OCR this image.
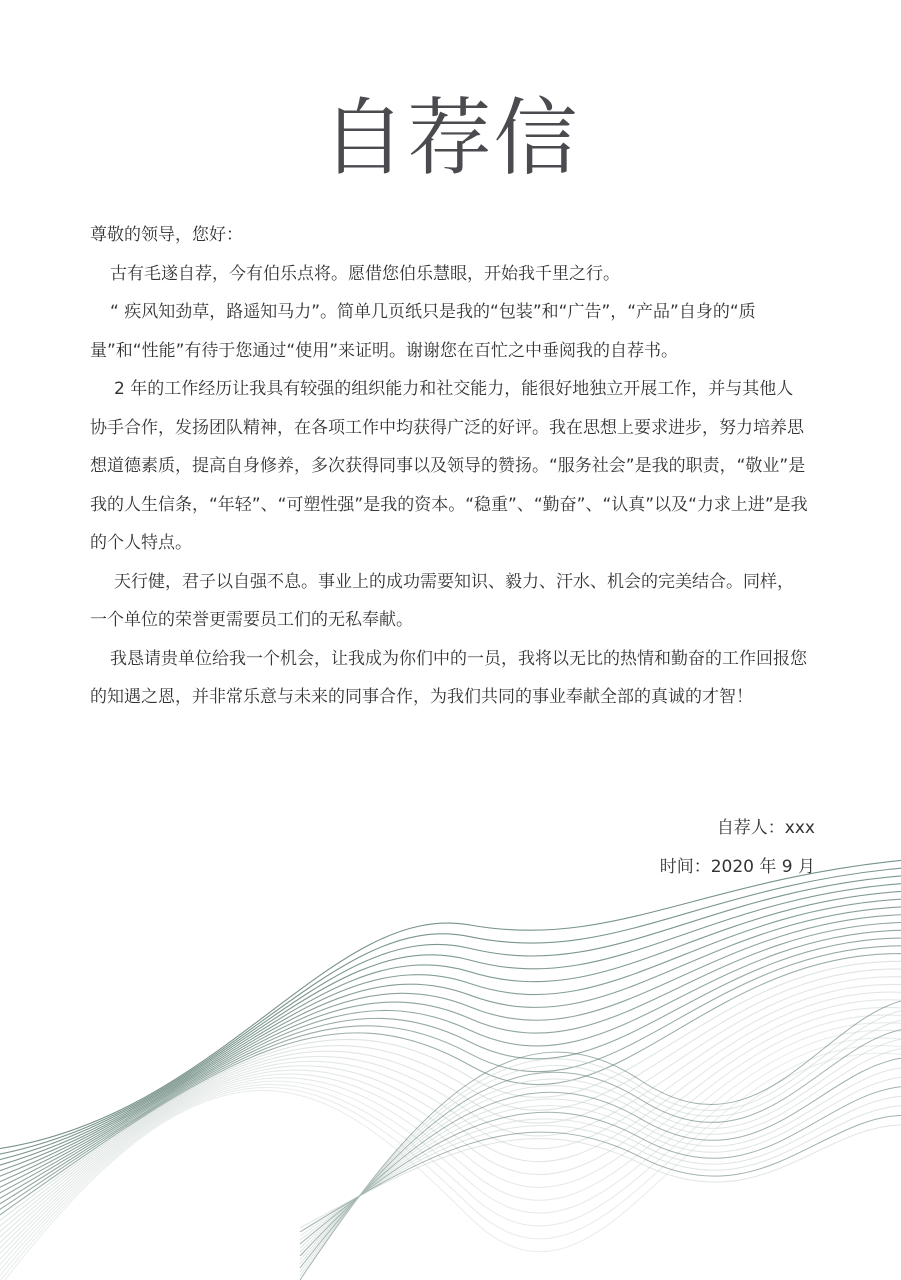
自荐信

尊敬的领导，您好：

古有毛遂自荐，今有伯乐点将。愿借您伯乐慧眼，开始我千里之行。

“ 疾风知劲草，路遥知马力”。简单几页纸只是我的“包装”和“广告”，“产品”自身的“质量”和“性能”有待于您通过“使用”来证明。谢谢您在百忙之中垂阅我的自荐书。

2 年的工作经历让我具有较强的组织能力和社交能力，能很好地独立开展工作，并与其他人协手合作，发扬团队精神，在各项工作中均获得广泛的好评。我在思想上要求进步，努力培养思想道德素质，提高自身修养，多次获得同事以及领导的赞扬。“服务社会”是我的职责，“敬业”是我的人生信条，“年轻”、“可塑性强”是我的资本。“稳重”、“勤奋”、“认真”以及“力求上进”是我的个人特点。

天行健，君子以自强不息。事业上的成功需要知识、毅力、汗水、机会的完美结合。同样，一个单位的荣誉更需要员工们的无私奉献。

我恳请贵单位给我一个机会，让我成为你们中的一员，我将以无比的热情和勤奋的工作回报您的知遇之恩，并非常乐意与未来的同事合作，为我们共同的事业奉献全部的真诚的才智！

自荐人：xxx
时间：2020 年 9 月
